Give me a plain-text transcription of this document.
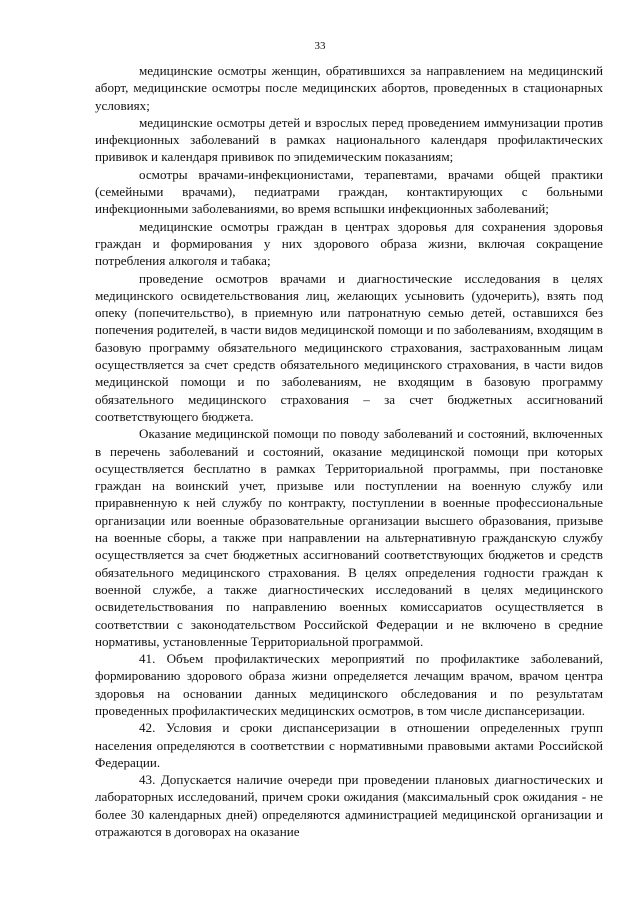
33

медицинские осмотры женщин, обратившихся за направлением на медицинский аборт, медицинские осмотры после медицинских абортов, проведенных в стационарных условиях;

медицинские осмотры детей и взрослых перед проведением иммунизации против инфекционных заболеваний в рамках национального календаря профилактических прививок и календаря прививок по эпидемическим показаниям;

осмотры врачами-инфекционистами, терапевтами, врачами общей практики (семейными врачами), педиатрами граждан, контактирующих с больными инфекционными заболеваниями, во время вспышки инфекционных заболеваний;

медицинские осмотры граждан в центрах здоровья для сохранения здоровья граждан и формирования у них здорового образа жизни, включая сокращение потребления алкоголя и табака;

проведение осмотров врачами и диагностические исследования в целях медицинского освидетельствования лиц, желающих усыновить (удочерить), взять под опеку (попечительство), в приемную или патронатную семью детей, оставшихся без попечения родителей, в части видов медицинской помощи и по заболеваниям, входящим в базовую программу обязательного медицинского страхования, застрахованным лицам осуществляется за счет средств обязательного медицинского страхования, в части видов медицинской помощи и по заболеваниям, не входящим в базовую программу обязательного медицинского страхования – за счет бюджетных ассигнований соответствующего бюджета.

Оказание медицинской помощи по поводу заболеваний и состояний, включенных в перечень заболеваний и состояний, оказание медицинской помощи при которых осуществляется бесплатно в рамках Территориальной программы, при постановке граждан на воинский учет, призыве или поступлении на военную службу или приравненную к ней службу по контракту, поступлении в военные профессиональные организации или военные образовательные организации высшего образования, призыве на военные сборы, а также при направлении на альтернативную гражданскую службу осуществляется за счет бюджетных ассигнований соответствующих бюджетов и средств обязательного медицинского страхования. В целях определения годности граждан к военной службе, а также диагностических исследований в целях медицинского освидетельствования по направлению военных комиссариатов осуществляется в соответствии с законодательством Российской Федерации и не включено в средние нормативы, установленные Территориальной программой.

41. Объем профилактических мероприятий по профилактике заболеваний, формированию здорового образа жизни определяется лечащим врачом, врачом центра здоровья на основании данных медицинского обследования и по результатам проведенных профилактических медицинских осмотров, в том числе диспансеризации.

42. Условия и сроки диспансеризации в отношении определенных групп населения определяются в соответствии с нормативными правовыми актами Российской Федерации.

43. Допускается наличие очереди при проведении плановых диагностических и лабораторных исследований, причем сроки ожидания (максимальный срок ожидания - не более 30 календарных дней) определяются администрацией медицинской организации и отражаются в договорах на оказание
